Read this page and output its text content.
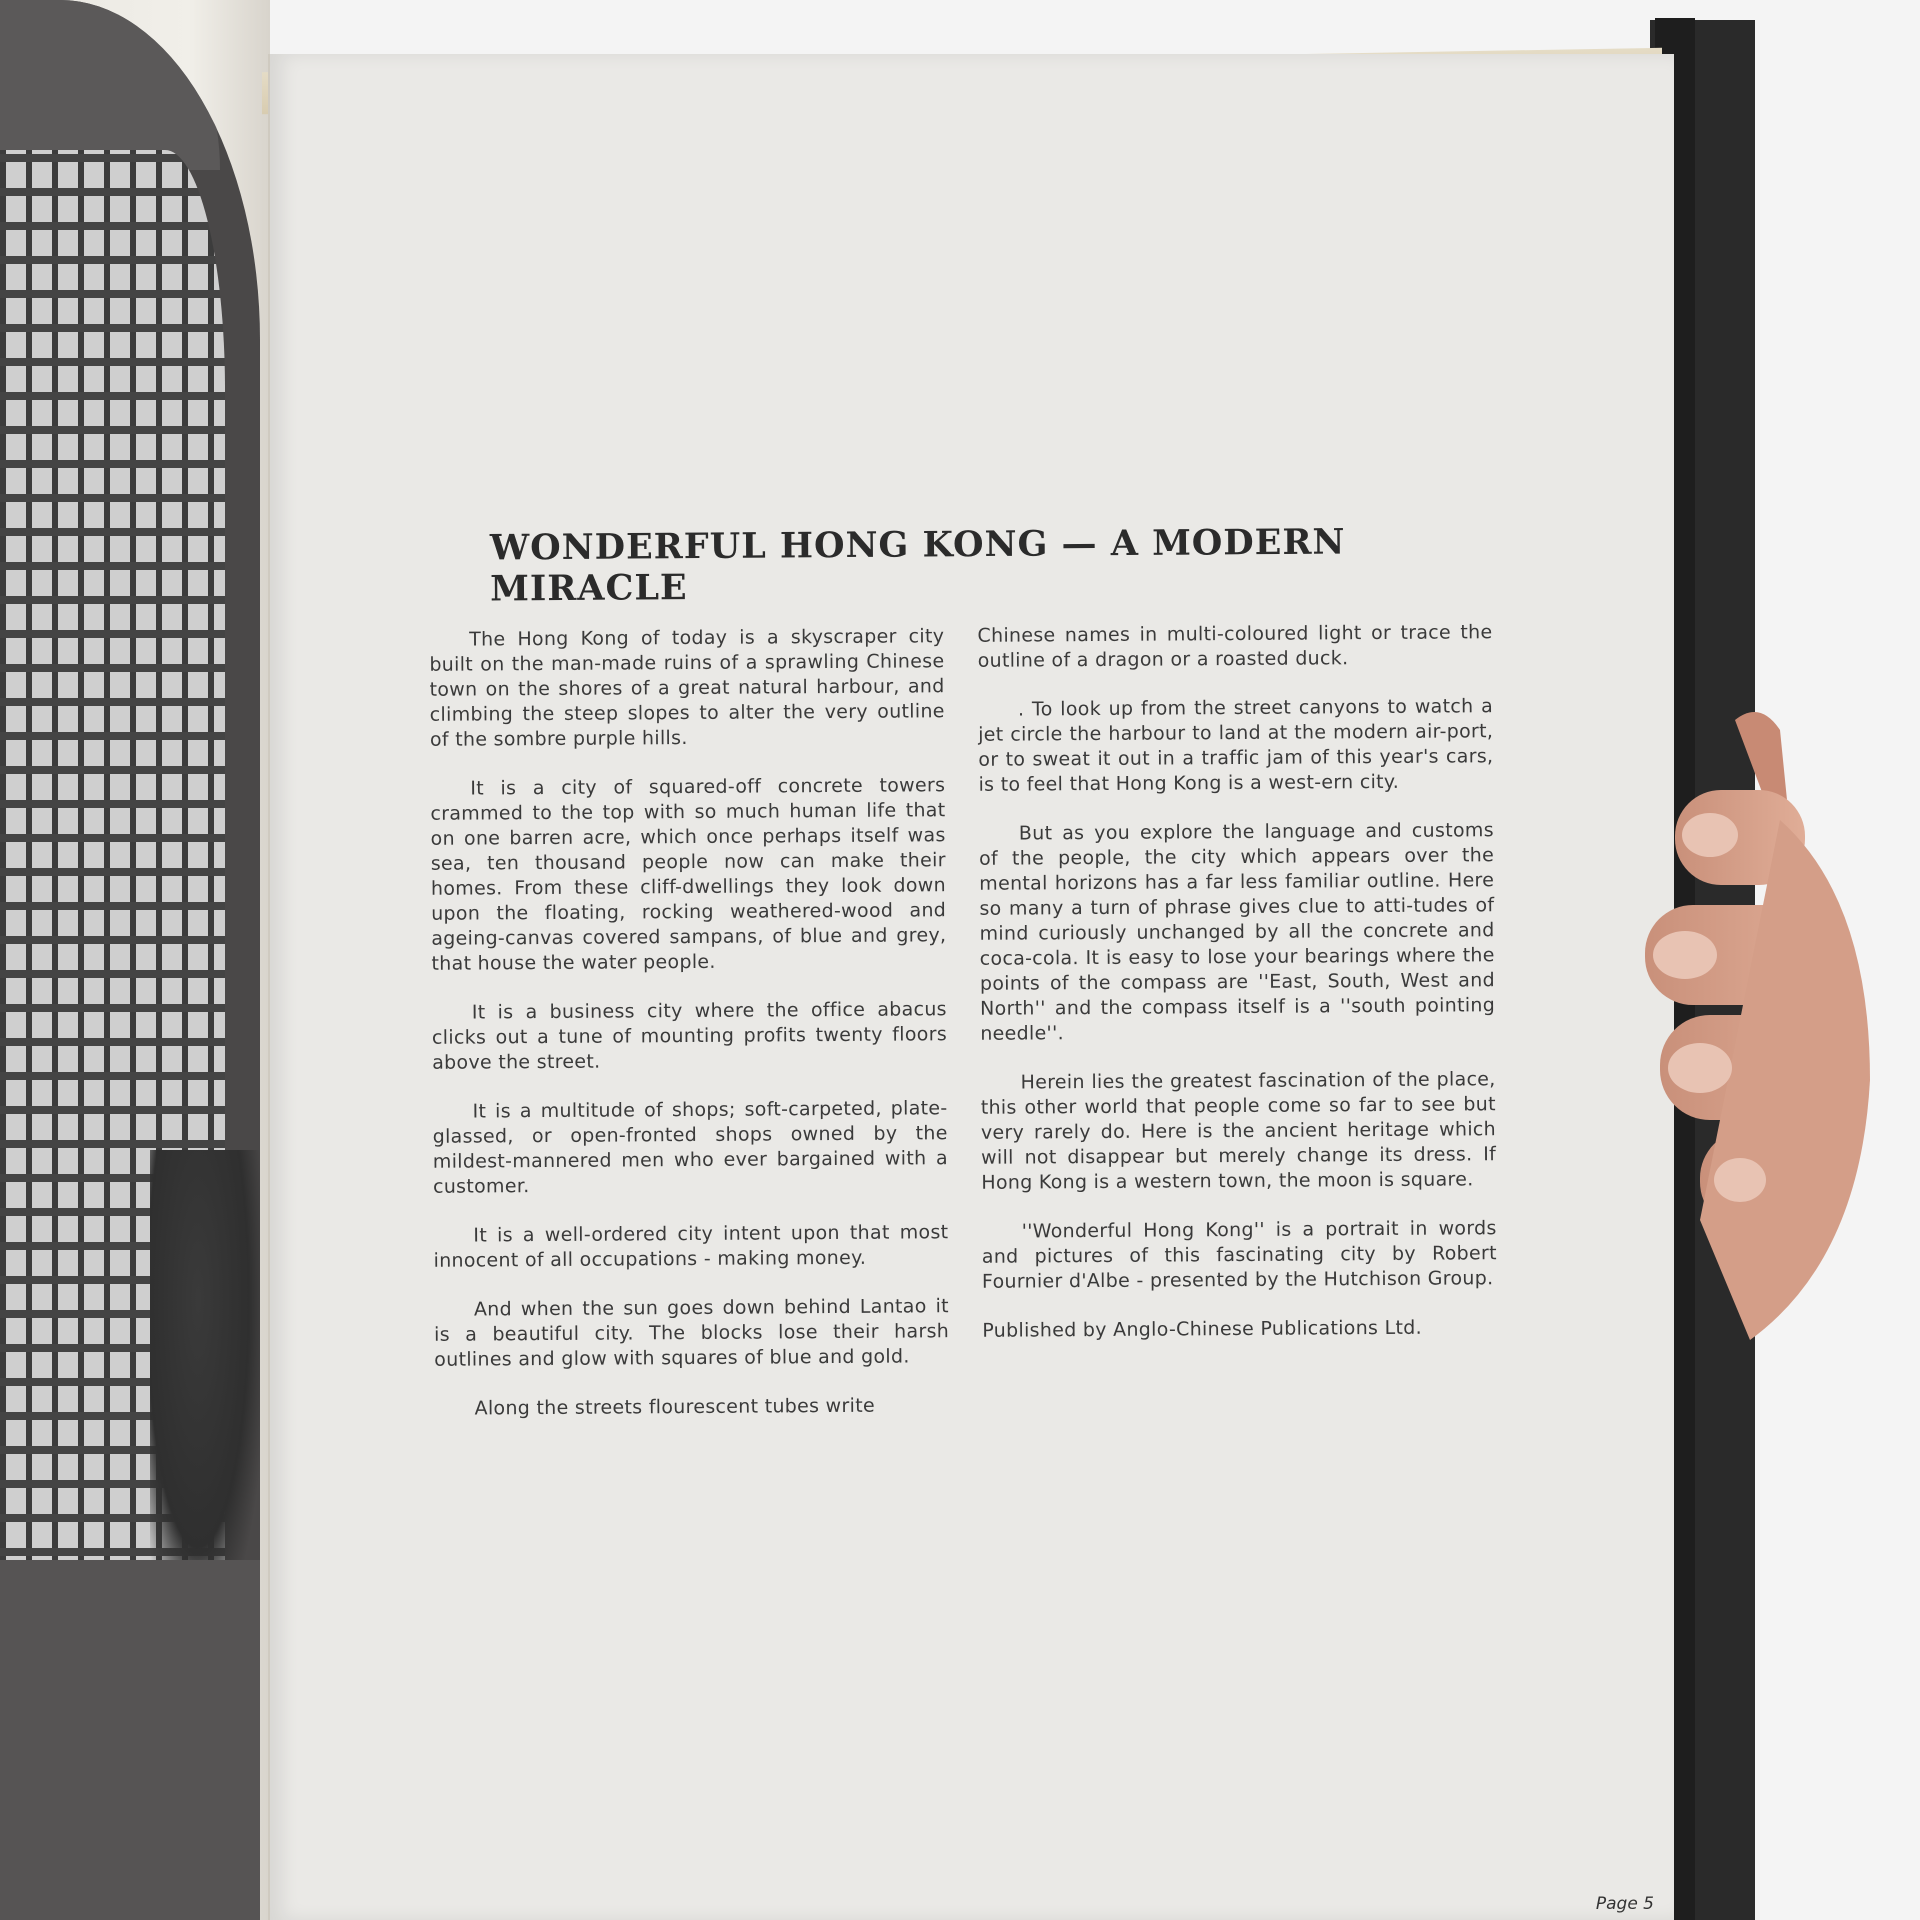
WONDERFUL HONG KONG — A MODERN MIRACLE

The Hong Kong of today is a skyscraper city built on the man-made ruins of a sprawling Chinese town on the shores of a great natural harbour, and climbing the steep slopes to alter the very outline of the sombre purple hills.

It is a city of squared-off concrete towers crammed to the top with so much human life that on one barren acre, which once perhaps itself was sea, ten thousand people now can make their homes. From these cliff-dwellings they look down upon the floating, rocking weathered-wood and ageing-canvas covered sampans, of blue and grey, that house the water people.

It is a business city where the office abacus clicks out a tune of mounting profits twenty floors above the street.

It is a multitude of shops; soft-carpeted, plate-glassed, or open-fronted shops owned by the mildest-mannered men who ever bargained with a customer.

It is a well-ordered city intent upon that most innocent of all occupations - making money.

And when the sun goes down behind Lantao it is a beautiful city. The blocks lose their harsh outlines and glow with squares of blue and gold.

Along the streets flourescent tubes write

Chinese names in multi-coloured light or trace the outline of a dragon or a roasted duck.

. To look up from the street canyons to watch a jet circle the harbour to land at the modern air-port, or to sweat it out in a traffic jam of this year's cars, is to feel that Hong Kong is a west-ern city.

But as you explore the language and customs of the people, the city which appears over the mental horizons has a far less familiar outline. Here so many a turn of phrase gives clue to atti-tudes of mind curiously unchanged by all the concrete and coca-cola. It is easy to lose your bearings where the points of the compass are ''East, South, West and North'' and the compass itself is a ''south pointing needle''.

Herein lies the greatest fascination of the place, this other world that people come so far to see but very rarely do. Here is the ancient heritage which will not disappear but merely change its dress. If Hong Kong is a western town, the moon is square.

''Wonderful Hong Kong'' is a portrait in words and pictures of this fascinating city by Robert Fournier d'Albe - presented by the Hutchison Group.

Published by Anglo-Chinese Publications Ltd.

Page 5
